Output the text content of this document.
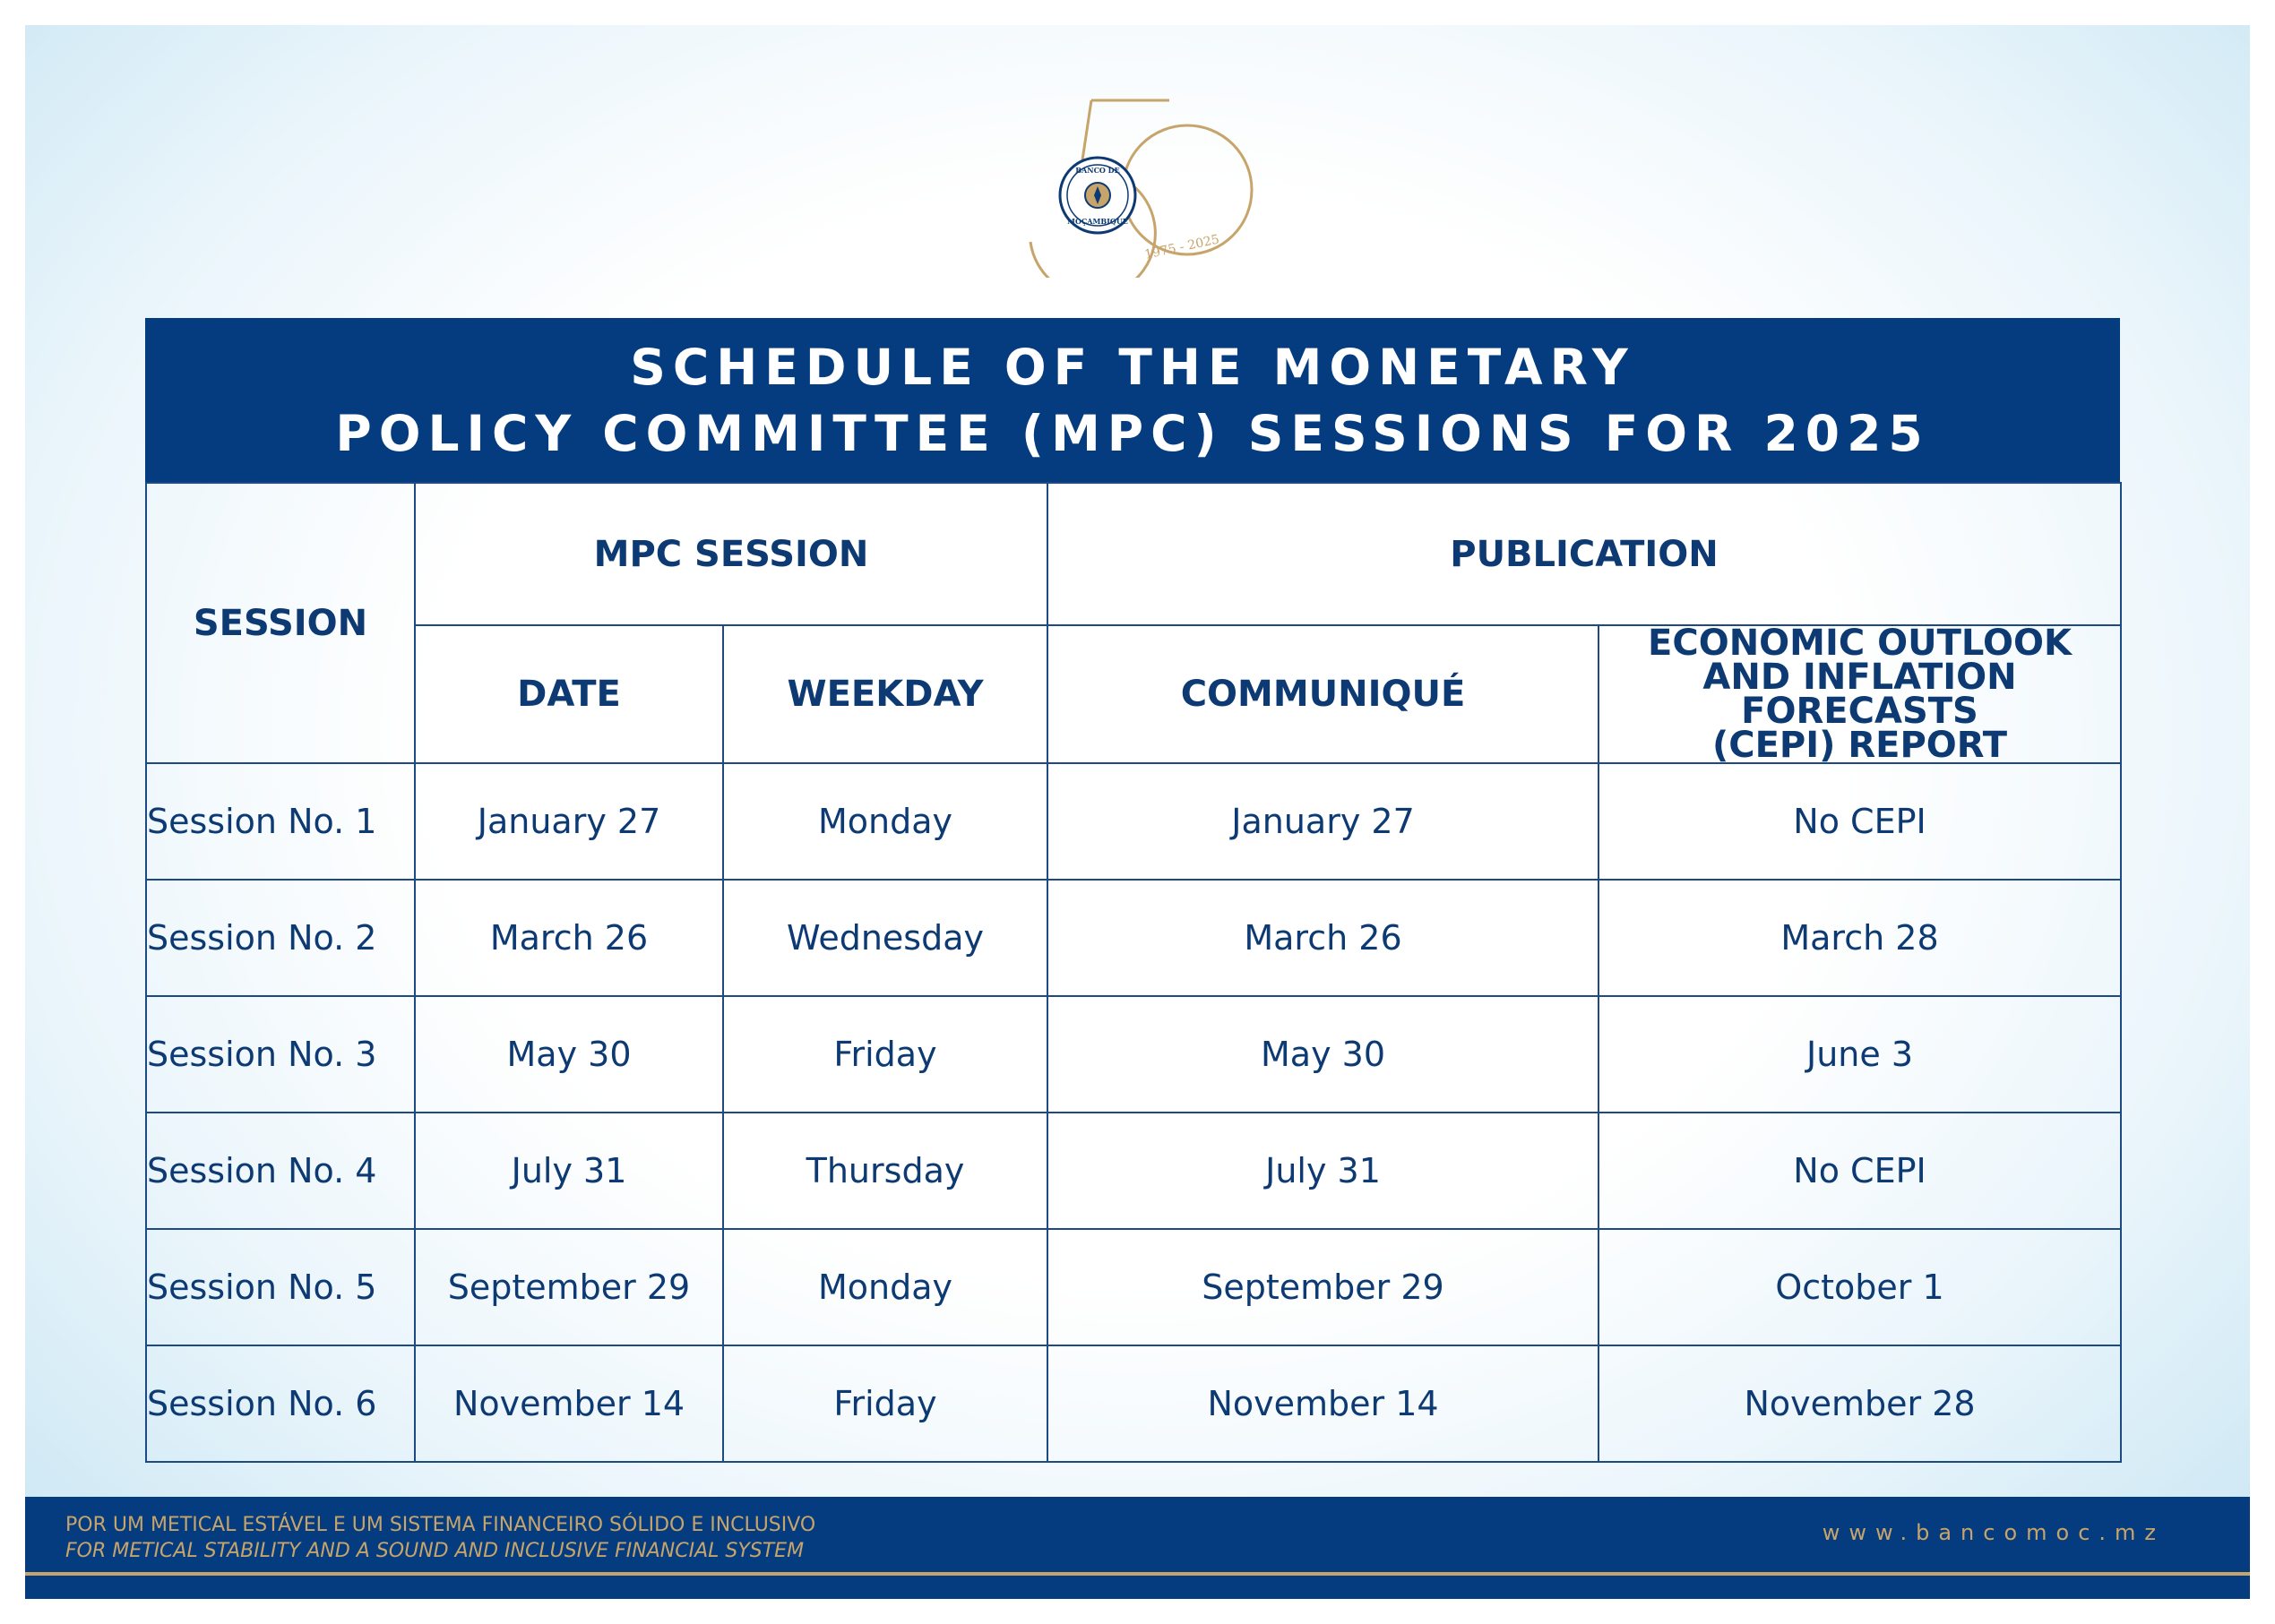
BANCO DE
MOÇAMBIQUE
1975 - 2025
SCHEDULE OF THE MONETARY
POLICY COMMITTEE (MPC) SESSIONS FOR 2025
SESSION	MPC SESSION		PUBLICATION	
	DATE	WEEKDAY	COMMUNIQUÉ	ECONOMIC OUTLOOK
AND INFLATION FORECASTS
(CEPI) REPORT

Session No. 1	January 27	Monday	January 27	No CEPI
Session No. 2	March 26	Wednesday	March 26	March 28
Session No. 3	May 30	Friday	May 30	June 3
Session No. 4	July 31	Thursday	July 31	No CEPI
Session No. 5	September 29	Monday	September 29	October 1
Session No. 6	November 14	Friday	November 14	November 28
POR UM METICAL ESTÁVEL E UM SISTEMA FINANCEIRO SÓLIDO E INCLUSIVO
FOR METICAL STABILITY AND A SOUND AND INCLUSIVE FINANCIAL SYSTEM
www.bancomoc.mz
